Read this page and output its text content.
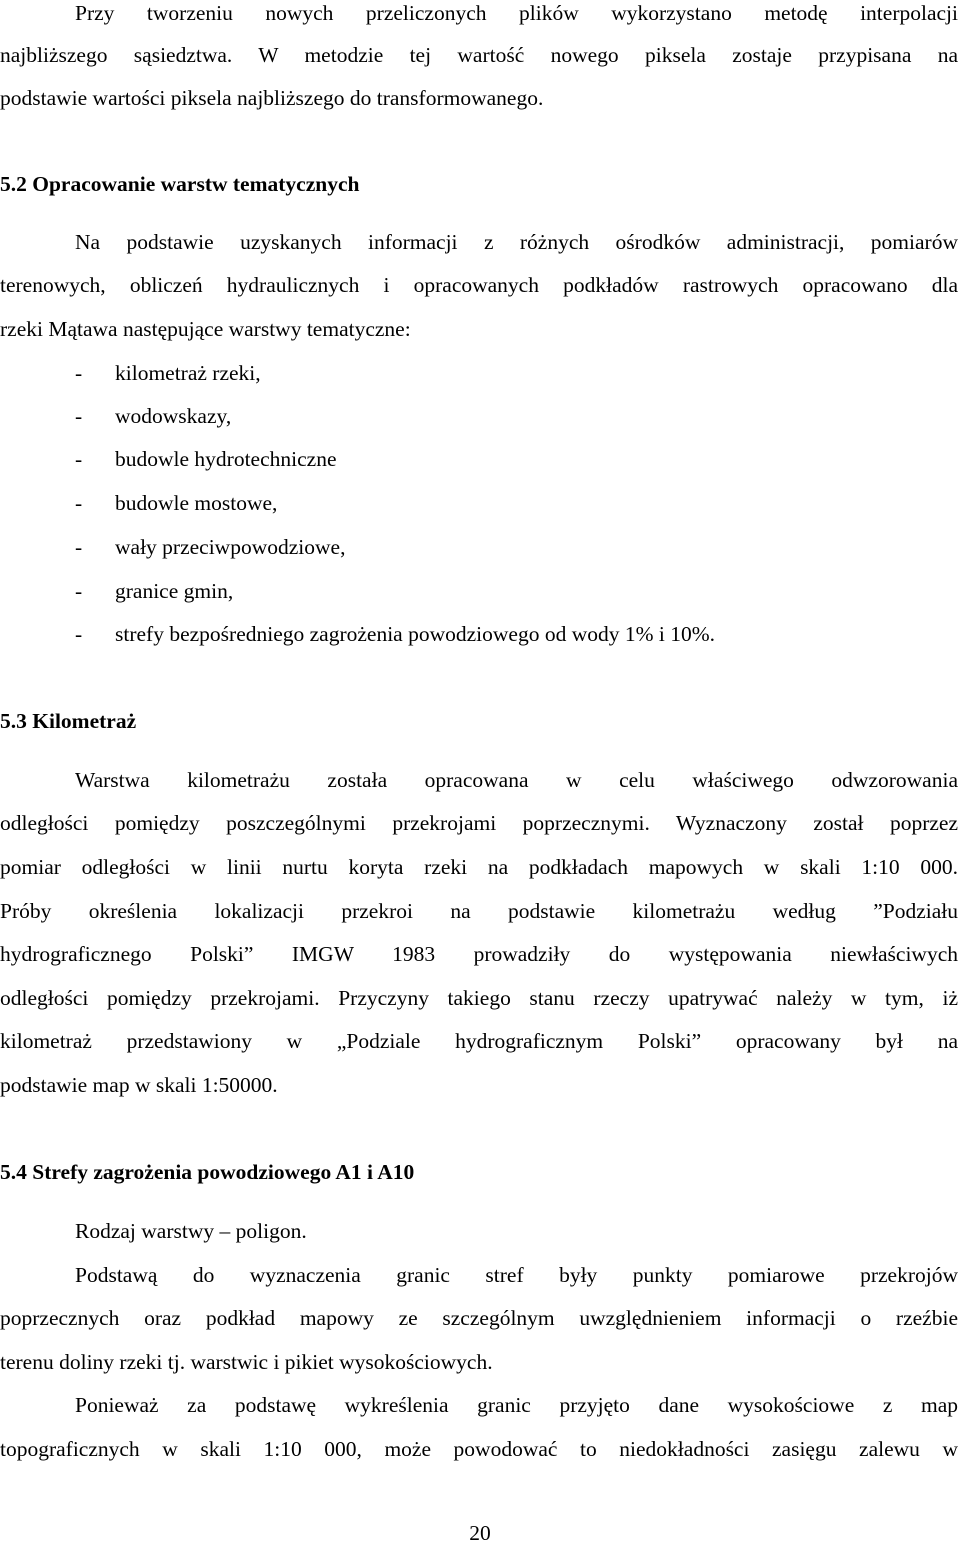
Przy tworzeniu nowych przeliczonych plików wykorzystano metodę interpolacji
najbliższego sąsiedztwa. W metodzie tej wartość nowego piksela zostaje przypisana na
podstawie wartości piksela najbliższego do transformowanego.
5.2 Opracowanie warstw tematycznych
Na podstawie uzyskanych informacji z różnych ośrodków administracji, pomiarów
terenowych, obliczeń hydraulicznych i opracowanych podkładów rastrowych opracowano dla
rzeki Mątawa następujące warstwy tematyczne:
- kilometraż rzeki,
- wodowskazy,
- budowle hydrotechniczne
- budowle mostowe,
- wały przeciwpowodziowe,
- granice gmin,
- strefy bezpośredniego zagrożenia powodziowego od wody 1% i 10%.
5.3 Kilometraż
Warstwa kilometrażu została opracowana w celu właściwego odwzorowania
odległości pomiędzy poszczególnymi przekrojami poprzecznymi. Wyznaczony został poprzez
pomiar odległości w linii nurtu koryta rzeki na podkładach mapowych w skali 1:10 000.
Próby określenia lokalizacji przekroi na podstawie kilometrażu według ”Podziału
hydrograficznego Polski” IMGW 1983 prowadziły do występowania niewłaściwych
odległości pomiędzy przekrojami. Przyczyny takiego stanu rzeczy upatrywać należy w tym, iż
kilometraż przedstawiony w „Podziale hydrograficznym Polski” opracowany był na
podstawie map w skali 1:50000.
5.4 Strefy zagrożenia powodziowego A1 i A10
Rodzaj warstwy – poligon.
Podstawą do wyznaczenia granic stref były punkty pomiarowe przekrojów
poprzecznych oraz podkład mapowy ze szczególnym uwzględnieniem informacji o rzeźbie
terenu doliny rzeki tj. warstwic i pikiet wysokościowych.
Ponieważ za podstawę wykreślenia granic przyjęto dane wysokościowe z map
topograficznych w skali 1:10 000, może powodować to niedokładności zasięgu zalewu w
20
